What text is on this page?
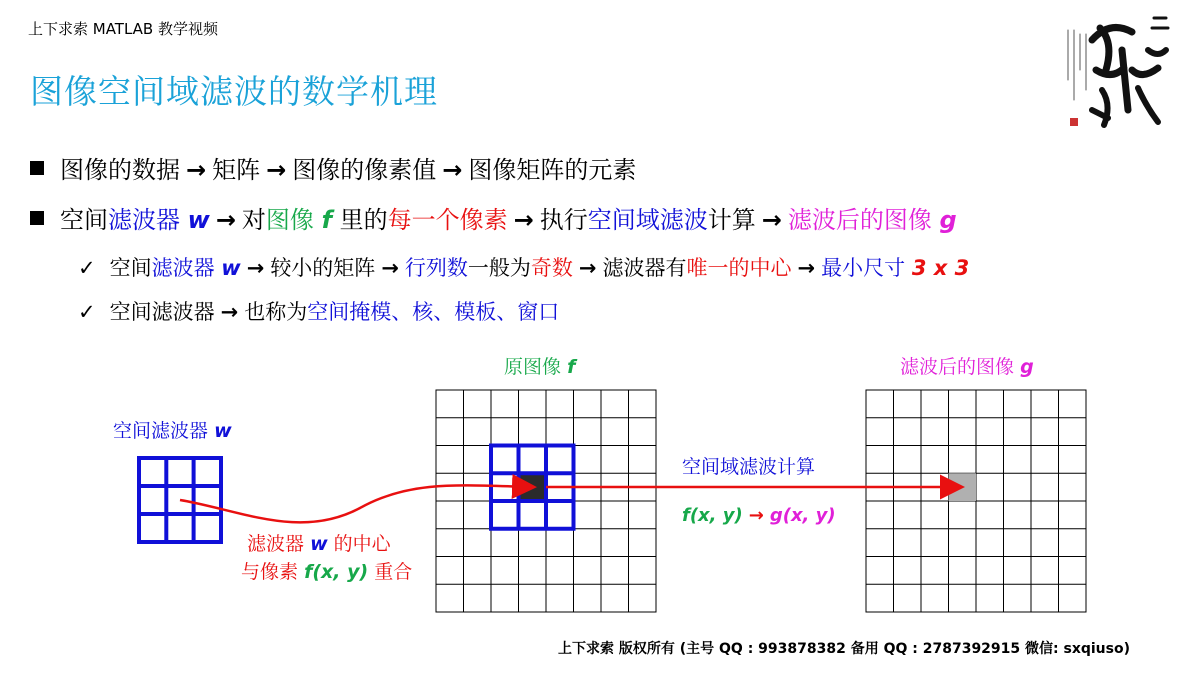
上下求索 MATLAB 教学视频
图像空间域滤波的数学机理
图像的数据 → 矩阵 → 图像的像素值 → 图像矩阵的元素
空间滤波器 w → 对图像 f 里的每一个像素 → 执行空间域滤波计算 → 滤波后的图像 g
✓ 空间滤波器 w → 较小的矩阵 → 行列数一般为奇数 → 滤波器有唯一的中心 → 最小尺寸 3 x 3
✓ 空间滤波器 → 也称为空间掩模、核、模板、窗口
空间滤波器 w
原图像 f	滤波后的图像 g
空间域滤波计算
f(x, y) → g(x, y)
滤波器 w 的中心
与像素 f(x, y) 重合
上下求索 版权所有 (主号 QQ : 993878382 备用 QQ : 2787392915 微信: sxqiuso)
